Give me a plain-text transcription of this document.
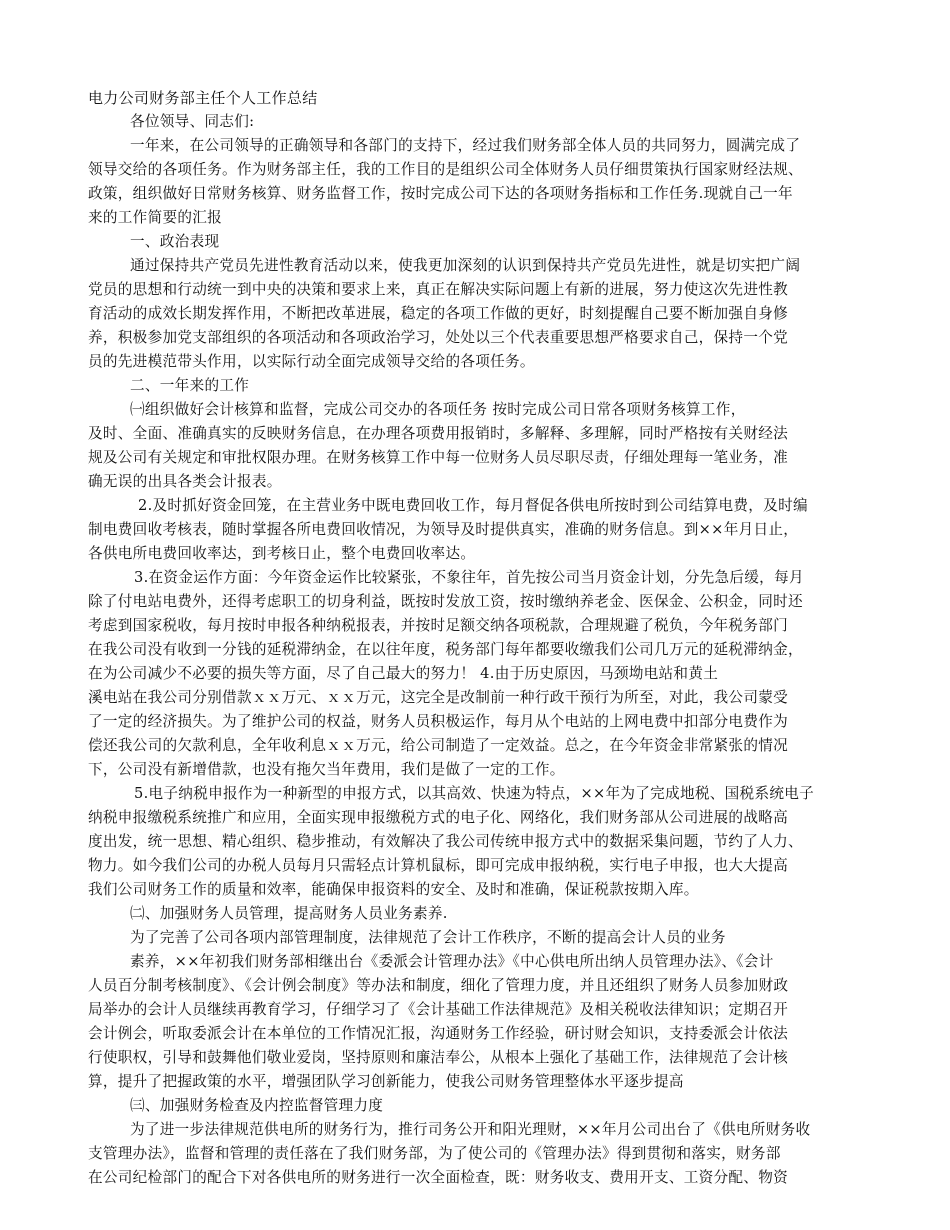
电力公司财务部主任个人工作总结
各位领导、同志们:
一年来，在公司领导的正确领导和各部门的支持下，经过我们财务部全体人员的共同努力，圆满完成了
领导交给的各项任务。作为财务部主任，我的工作目的是组织公司全体财务人员仔细贯策执行国家财经法规、
政策，组织做好日常财务核算、财务监督工作，按时完成公司下达的各项财务指标和工作任务.现就自己一年
来的工作简要的汇报
一、政治表现
通过保持共产党员先进性教育活动以来，使我更加深刻的认识到保持共产党员先进性，就是切实把广阔
党员的思想和行动统一到中央的决策和要求上来，真正在解决实际问题上有新的进展，努力使这次先进性教
育活动的成效长期发挥作用，不断把改革进展，稳定的各项工作做的更好，时刻提醒自己要不断加强自身修
养，积极参加党支部组织的各项活动和各项政治学习，处处以三个代表重要思想严格要求自己，保持一个党
员的先进模范带头作用，以实际行动全面完成领导交给的各项任务。
二、一年来的工作
㈠组织做好会计核算和监督，完成公司交办的各项任务 按时完成公司日常各项财务核算工作，
及时、全面、准确真实的反映财务信息，在办理各项费用报销时，多解释、多理解，同时严格按有关财经法
规及公司有关规定和审批权限办理。在财务核算工作中每一位财务人员尽职尽责，仔细处理每一笔业务，准
确无误的出具各类会计报表。
2.及时抓好资金回笼，在主营业务中既电费回收工作，每月督促各供电所按时到公司结算电费，及时编
制电费回收考核表，随时掌握各所电费回收情况，为领导及时提供真实，准确的财务信息。到××年月日止，
各供电所电费回收率达，到考核日止，整个电费回收率达。
3.在资金运作方面：今年资金运作比较紧张，不象往年，首先按公司当月资金计划，分先急后缓，每月
除了付电站电费外，还得考虑职工的切身利益，既按时发放工资，按时缴纳养老金、医保金、公积金，同时还
考虑到国家税收，每月按时申报各种纳税报表，并按时足额交纳各项税款，合理规避了税负，今年税务部门
在我公司没有收到一分钱的延税滞纳金，在以往年度，税务部门每年都要收缴我们公司几万元的延税滞纳金，
在为公司减少不必要的损失等方面，尽了自己最大的努力！ 4.由于历史原因，马颈坳电站和黄土
溪电站在我公司分别借款ｘｘ万元、ｘｘ万元，这完全是改制前一种行政干预行为所至，对此，我公司蒙受
了一定的经济损失。为了维护公司的权益，财务人员积极运作，每月从个电站的上网电费中扣部分电费作为
偿还我公司的欠款利息，全年收利息ｘｘ万元，给公司制造了一定效益。总之，在今年资金非常紧张的情况
下，公司没有新增借款，也没有拖欠当年费用，我们是做了一定的工作。
5.电子纳税申报作为一种新型的申报方式，以其高效、快速为特点，××年为了完成地税、国税系统电子
纳税申报缴税系统推广和应用，全面实现申报缴税方式的电子化、网络化，我们财务部从公司进展的战略高
度出发，统一思想、精心组织、稳步推动，有效解决了我公司传统申报方式中的数据采集问题，节约了人力、
物力。如今我们公司的办税人员每月只需轻点计算机鼠标，即可完成申报纳税，实行电子申报，也大大提高
我们公司财务工作的质量和效率，能确保申报资料的安全、及时和准确，保证税款按期入库。
㈡、加强财务人员管理，提高财务人员业务素养.
为了完善了公司各项内部管理制度，法律规范了会计工作秩序，不断的提高会计人员的业务
素养，××年初我们财务部相继出台《委派会计管理办法》《中心供电所出纳人员管理办法》、《会计
人员百分制考核制度》、《会计例会制度》等办法和制度，细化了管理力度，并且还组织了财务人员参加财政
局举办的会计人员继续再教育学习，仔细学习了《会计基础工作法律规范》及相关税收法律知识；定期召开
会计例会，听取委派会计在本单位的工作情况汇报，沟通财务工作经验，研讨财会知识，支持委派会计依法
行使职权，引导和鼓舞他们敬业爱岗，坚持原则和廉洁奉公，从根本上强化了基础工作，法律规范了会计核
算，提升了把握政策的水平，增强团队学习创新能力，使我公司财务管理整体水平逐步提高
㈢、加强财务检查及内控监督管理力度
为了进一步法律规范供电所的财务行为，推行司务公开和阳光理财，××年月公司出台了《供电所财务收
支管理办法》，监督和管理的责任落在了我们财务部，为了使公司的《管理办法》得到贯彻和落实，财务部
在公司纪检部门的配合下对各供电所的财务进行一次全面检查，既：财务收支、费用开支、工资分配、物资
